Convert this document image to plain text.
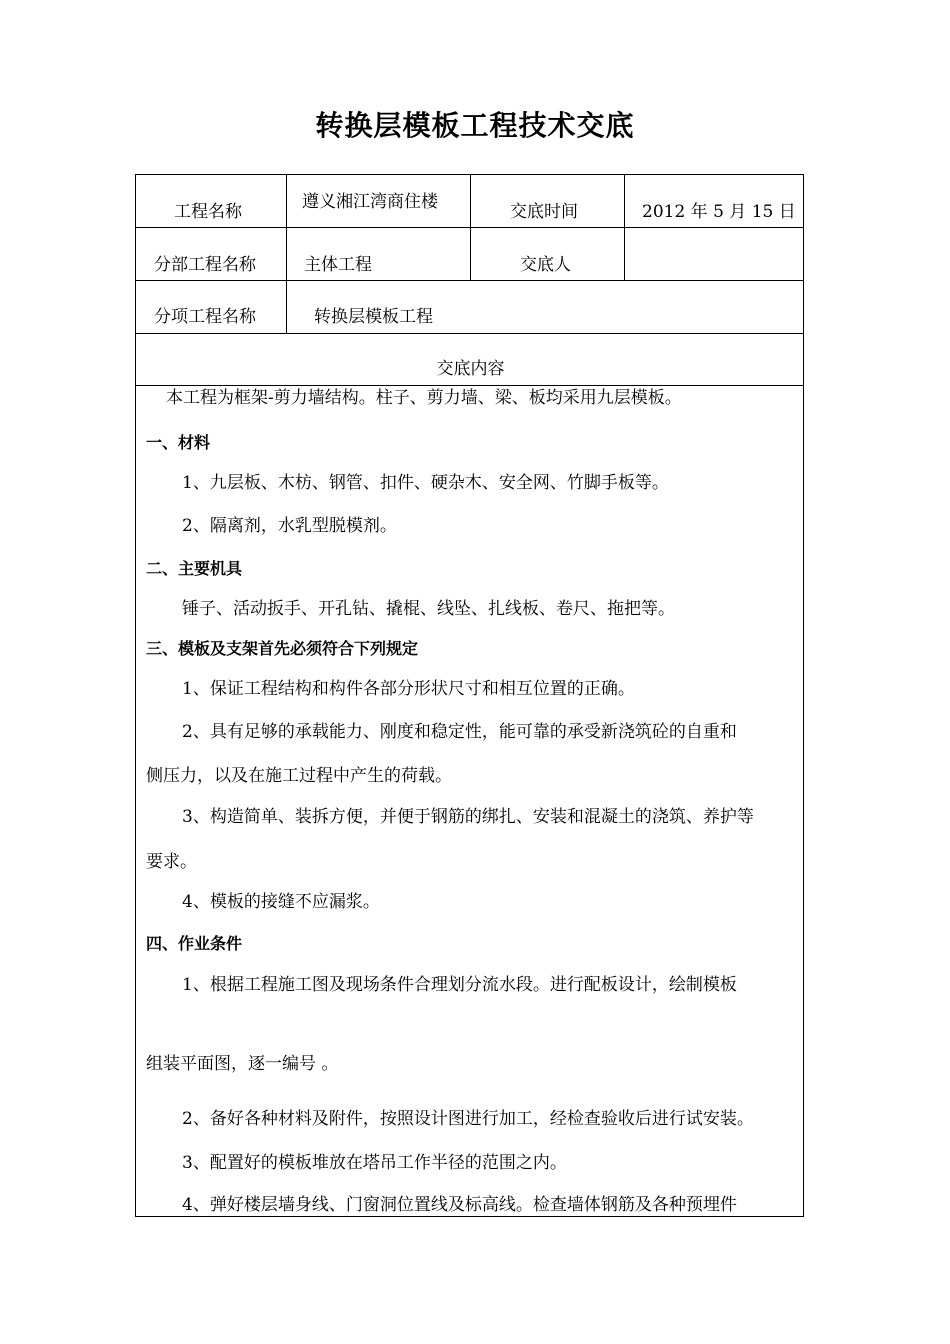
转换层模板工程技术交底
工程名称	遵义湘江湾商住楼	交底时间	2012 年 5 月 15 日
分部工程名称	主体工程	交底人
分项工程名称	转换层模板工程
交底内容
本工程为框架-剪力墙结构。柱子、剪力墙、梁、板均采用九层模板。
一、材料
1、九层板、木枋、钢管、扣件、硬杂木、安全网、竹脚手板等。
2、隔离剂，水乳型脱模剂。
二、主要机具
锤子、活动扳手、开孔钻、撬棍、线坠、扎线板、卷尺、拖把等。
三、模板及支架首先必须符合下列规定
1、保证工程结构和构件各部分形状尺寸和相互位置的正确。
2、具有足够的承载能力、刚度和稳定性，能可靠的承受新浇筑砼的自重和
侧压力，以及在施工过程中产生的荷载。
3、构造简单、装拆方便，并便于钢筋的绑扎、安装和混凝土的浇筑、养护等
要求。
4、模板的接缝不应漏浆。
四、作业条件
1、根据工程施工图及现场条件合理划分流水段。进行配板设计，绘制模板
组装平面图，逐一编号 。
2、备好各种材料及附件，按照设计图进行加工，经检查验收后进行试安装。
3、配置好的模板堆放在塔吊工作半径的范围之内。
4、弹好楼层墙身线、门窗洞位置线及标高线。检查墙体钢筋及各种预埋件
